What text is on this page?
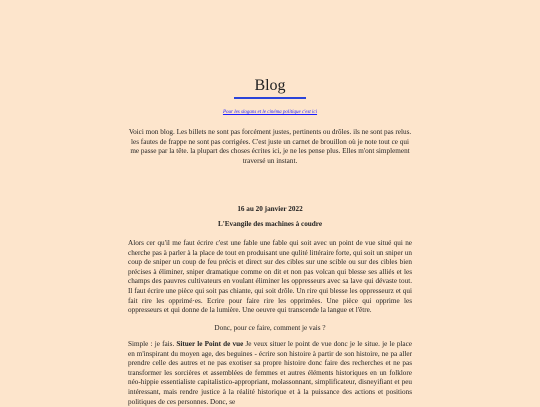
Blog
Pour les slogans et le cinéma politique c'est ici
Voici mon blog. Les billets ne sont pas forcément justes, pertinents ou drôles. ils ne sont pas relus. les fautes de frappe ne sont pas corrigées. C'est juste un carnet de brouillon où je note tout ce qui me passe par la tête. la plupart des choses écrites ici, je ne les pense plus. Elles m'ont simplement traversé un instant.
16 au 20 janvier 2022
L'Evangile des machines à coudre
Alors cer qu'il me faut écrire c'est une fable une fable qui soit avec un point de vue situé qui ne cherche pas à parler à la place de tout en produisant une qulité littéraire forte, qui soit un sniper un coup de sniper un coup de feu précis et direct sur des cibles sur une scible ou sur des cibles bien précises à éliminer, sniper dramatique comme on dit et non pas volcan qui blesse ses alliés et les champs des pauvres cultivateurs en voulant éliminer les oppresseurs avec sa lave qui dévaste tout. Il faut écrire une pièce qui soit pas chiante, qui soit drôle. Un rire qui blesse les oppresseurz et qui fait rire les opprimé·es. Ecrire pour faire rire les opprimées. Une pièce qui opprime les oppresseurs et qui donne de la lumière. Une oeuvre qui transcende la langue et l'être.
Donc, pour ce faire, comment je vais ?
Simple : je fais. Situer le Point de vue Je veux situer le point de vue donc je le situe. je le place en m'inspirant du moyen age, des beguines - écrire son histoire à partir de son histoire, ne pa aller prendre celle des autres et ne pas exotiser sa propre histoire donc faire des recherches et ne pas transformer les sorcières et assemblées de femmes et autres éléments historiques en un folklore néo-hippie essentialiste capitalistico-appropriant, molassonnant, simplificateur, disneyifiant et peu intéressant, mais rendre justice à la réalité historique et à la puissance des actions et positions politiques de ces personnes. Donc, se
